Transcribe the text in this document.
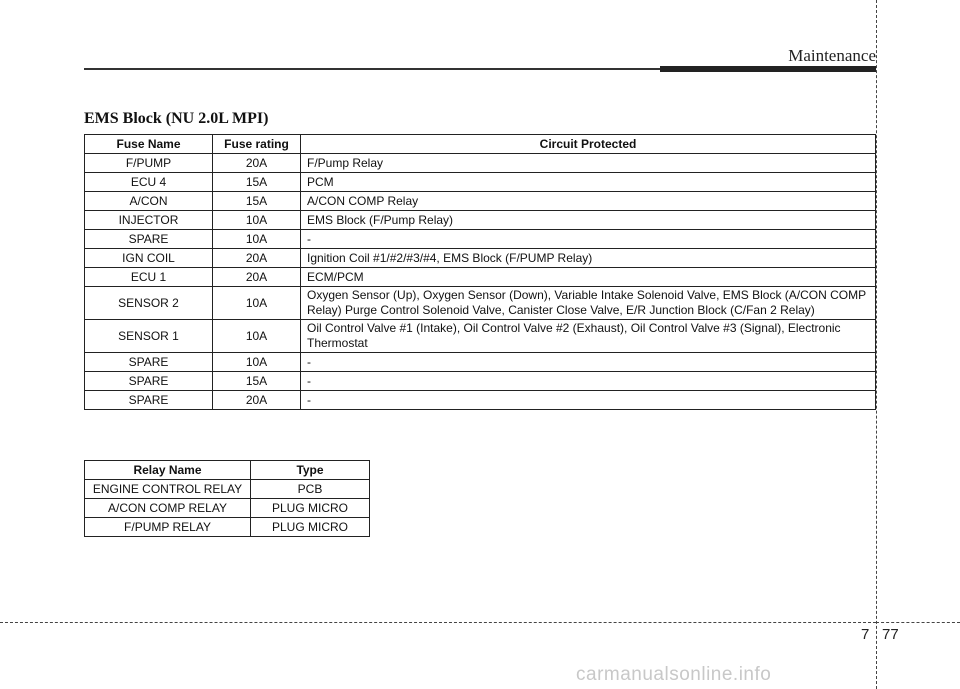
Maintenance
EMS Block (NU 2.0L MPI)
Fuse Name	Fuse rating	Circuit Protected
F/PUMP	20A	F/Pump Relay
ECU 4	15A	PCM
A/CON	15A	A/CON COMP Relay
INJECTOR	10A	EMS Block (F/Pump Relay)
SPARE	10A	-
IGN COIL	20A	Ignition Coil #1/#2/#3/#4, EMS Block (F/PUMP Relay)
ECU 1	20A	ECM/PCM
SENSOR 2	10A	Oxygen Sensor (Up), Oxygen Sensor (Down), Variable Intake Solenoid Valve, EMS Block (A/CON COMP Relay) Purge Control Solenoid Valve, Canister Close Valve, E/R Junction Block (C/Fan 2 Relay)
SENSOR 1	10A	Oil Control Valve #1 (Intake), Oil Control Valve #2 (Exhaust), Oil Control Valve #3 (Signal), Electronic Thermostat
SPARE	10A	-
SPARE	15A	-
SPARE	20A	-
Relay Name	Type
ENGINE CONTROL RELAY	PCB
A/CON COMP RELAY	PLUG MICRO
F/PUMP RELAY	PLUG MICRO
7 77
carmanualsonline.info
